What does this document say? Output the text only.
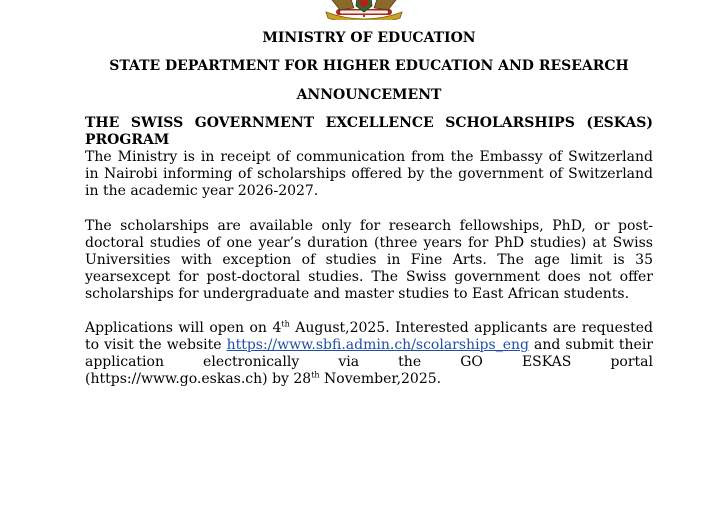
MINISTRY OF EDUCATION
STATE DEPARTMENT FOR HIGHER EDUCATION AND RESEARCH
ANNOUNCEMENT
THE SWISS GOVERNMENT EXCELLENCE SCHOLARSHIPS (ESKAS) PROGRAM
The Ministry is in receipt of communication from the Embassy of Switzerland in Nairobi informing of scholarships offered by the government of Switzerland in the academic year 2026-2027.
The scholarships are available only for research fellowships, PhD, or post-doctoral studies of one year’s duration (three years for PhD studies) at Swiss Universities with exception of studies in Fine Arts. The age limit is 35 yearsexcept for post-doctoral studies. The Swiss government does not offer scholarships for undergraduate and master studies to East African students.
Applications will open on 4th August,2025. Interested applicants are requested to visit the website https://www.sbfi.admin.ch/scolarships_eng and submit their application electronically via the GO ESKAS portal
(https://www.go.eskas.ch) by 28th November,2025.
